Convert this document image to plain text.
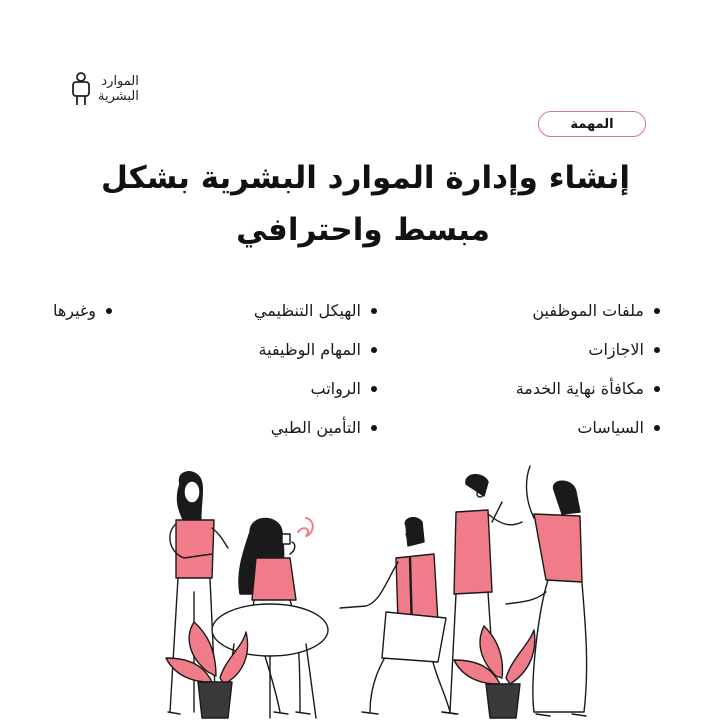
الموارد
البشرية
المهمة
إنشاء وإدارة الموارد البشرية بشكل
مبسط واحترافي
ملفات الموظفين
الاجازات
مكافأة نهاية الخدمة
السياسات
الهيكل التنظيمي
المهام الوظيفية
الرواتب
التأمين الطبي
وغيرها
